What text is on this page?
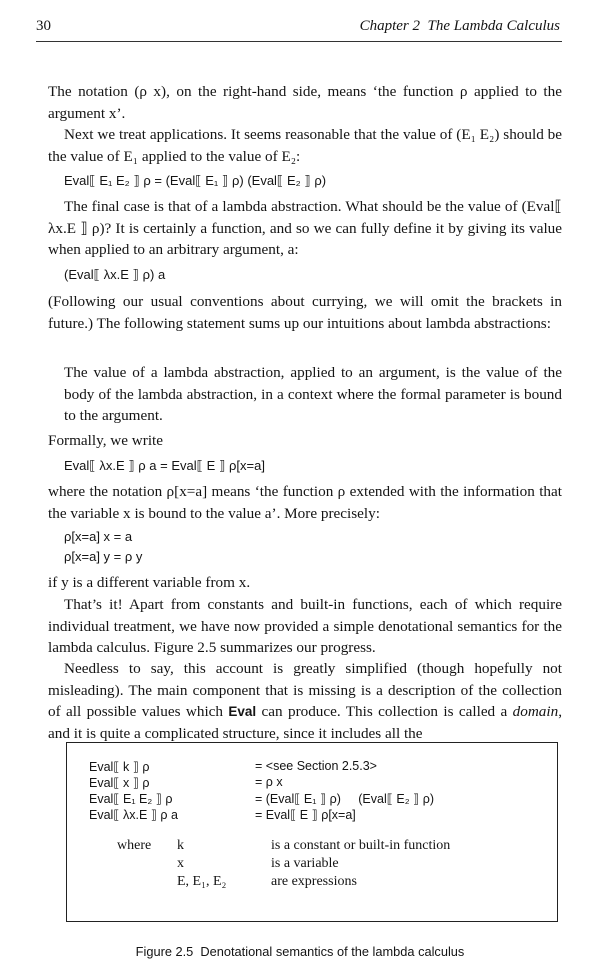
30	Chapter 2  The Lambda Calculus

The notation (ρ x), on the right-hand side, means ‘the function ρ applied to the argument x’.

Next we treat applications. It seems reasonable that the value of (E₁ E₂) should be the value of E₁ applied to the value of E₂:

Eval⟦ E₁ E₂ ⟧ ρ = (Eval⟦ E₁ ⟧ ρ) (Eval⟦ E₂ ⟧ ρ)

The final case is that of a lambda abstraction. What should be the value of (Eval⟦ λx.E ⟧ ρ)? It is certainly a function, and so we can fully define it by giving its value when applied to an arbitrary argument, a:

(Eval⟦ λx.E ⟧ ρ) a

(Following our usual conventions about currying, we will omit the brackets in future.) The following statement sums up our intuitions about lambda abstractions:

The value of a lambda abstraction, applied to an argument, is the value of the body of the lambda abstraction, in a context where the formal parameter is bound to the argument.

Formally, we write

Eval⟦ λx.E ⟧ ρ a = Eval⟦ E ⟧ ρ[x=a]

where the notation ρ[x=a] means ‘the function ρ extended with the information that the variable x is bound to the value a’. More precisely:

ρ[x=a] x = a
ρ[x=a] y = ρ y

if y is a different variable from x.

That’s it! Apart from constants and built-in functions, each of which require individual treatment, we have now provided a simple denotational semantics for the lambda calculus. Figure 2.5 summarizes our progress.

Needless to say, this account is greatly simplified (though hopefully not misleading). The main component that is missing is a description of the collection of all possible values which Eval can produce. This collection is called a domain, and it is quite a complicated structure, since it includes all the

Eval⟦ k ⟧ ρ	= <see Section 2.5.3>
Eval⟦ x ⟧ ρ	= ρ x
Eval⟦ E₁ E₂ ⟧ ρ	= (Eval⟦ E₁ ⟧ ρ)     (Eval⟦ E₂ ⟧ ρ)
Eval⟦ λx.E ⟧ ρ a	= Eval⟦ E ⟧ ρ[x=a]
where k	is a constant or built-in function
x	is a variable
E, E₁, E₂	are expressions
Figure 2.5  Denotational semantics of the lambda calculus
